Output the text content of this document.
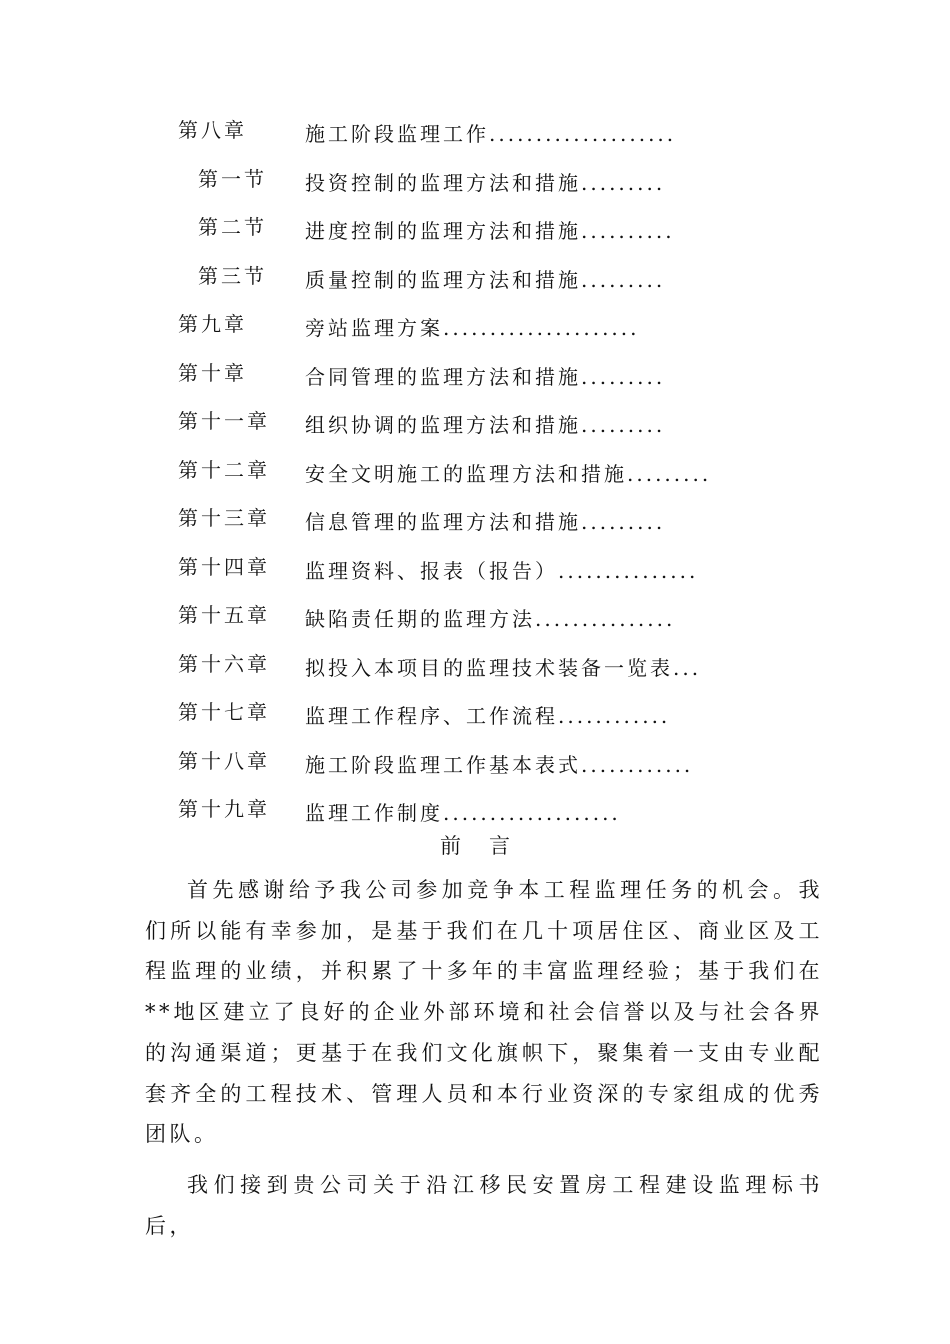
第八章	施工阶段监理工作....................
第一节 投资控制的监理方法和措施.........
第二节 进度控制的监理方法和措施..........
第三节 质量控制的监理方法和措施.........
第九章	旁站监理方案.....................
第十章	合同管理的监理方法和措施.........
第十一章 组织协调的监理方法和措施.........
第十二章 安全文明施工的监理方法和措施.........
第十三章 信息管理的监理方法和措施.........
第十四章 监理资料、报表（报告）...............
第十五章 缺陷责任期的监理方法...............
第十六章 拟投入本项目的监理技术装备一览表...
第十七章 监理工作程序、工作流程............
第十八章 施工阶段监理工作基本表式............
第十九章 监理工作制度...................
前言

首先感谢给予我公司参加竞争本工程监理任务的机会。我们所以能有幸参加，是基于我们在几十项居住区、商业区及工程监理的业绩，并积累了十多年的丰富监理经验；基于我们在**地区建立了良好的企业外部环境和社会信誉以及与社会各界的沟通渠道；更基于在我们文化旗帜下，聚集着一支由专业配套齐全的工程技术、管理人员和本行业资深的专家组成的优秀团队。

我们接到贵公司关于沿江移民安置房工程建设监理标书后，
